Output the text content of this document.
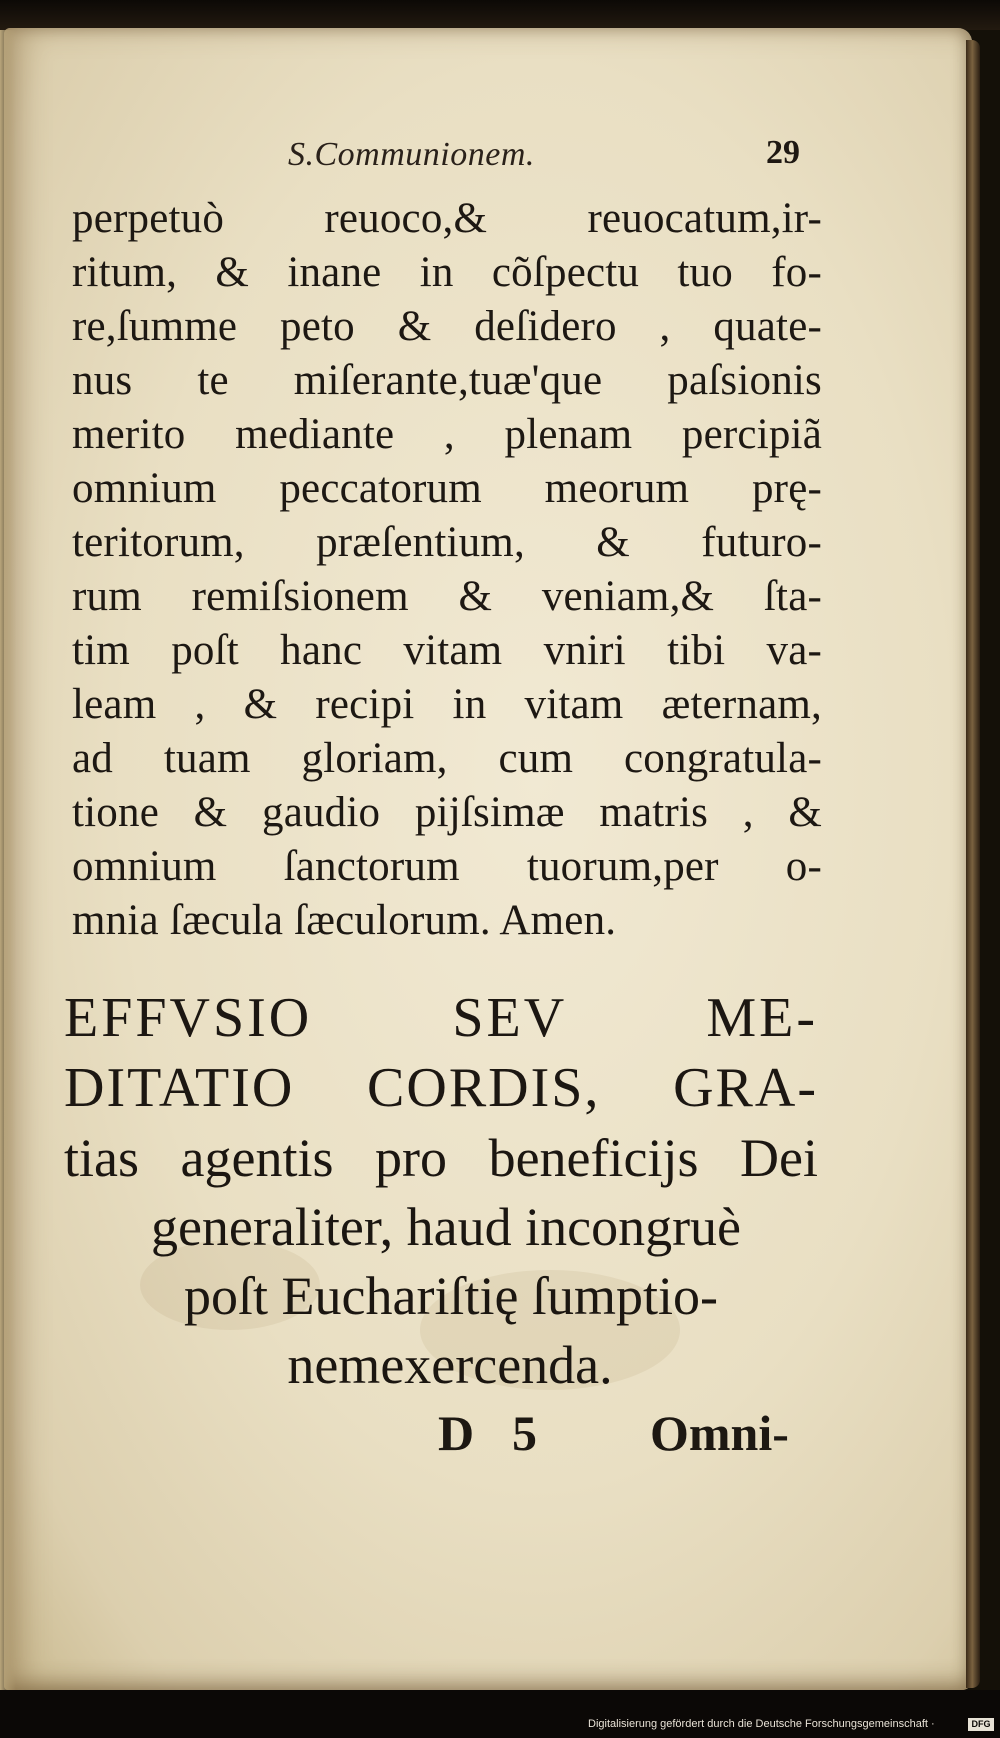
S.Communionem.	29
perpetuò reuoco,& reuocatum,ir-
ritum, & inane in cõſpectu tuo fo-
re,ſumme peto & deſidero , quate-
nus te miſerante,tuæ'que paſsionis
merito mediante , plenam percipiã
omnium peccatorum meorum prę-
teritorum, præſentium, & futuro-
rum remiſsionem & veniam,& ſta-
tim poſt hanc vitam vniri tibi va-
leam , & recipi in vitam æternam,
ad tuam gloriam, cum congratula-
tione & gaudio pijſsimæ matris , &
omnium ſanctorum tuorum,per o-
mnia ſæcula ſæculorum. Amen.
EFFVSIO SEV ME-
DITATIO CORDIS, GRA-
tias agentis pro beneficijs Dei
generaliter, haud incongruè
poſt Euchariſtię ſumptio-
nemexercenda.
D 5 Omni-
Digitalisierung gefördert durch die Deutsche Forschungsgemeinschaft ·	DFG
